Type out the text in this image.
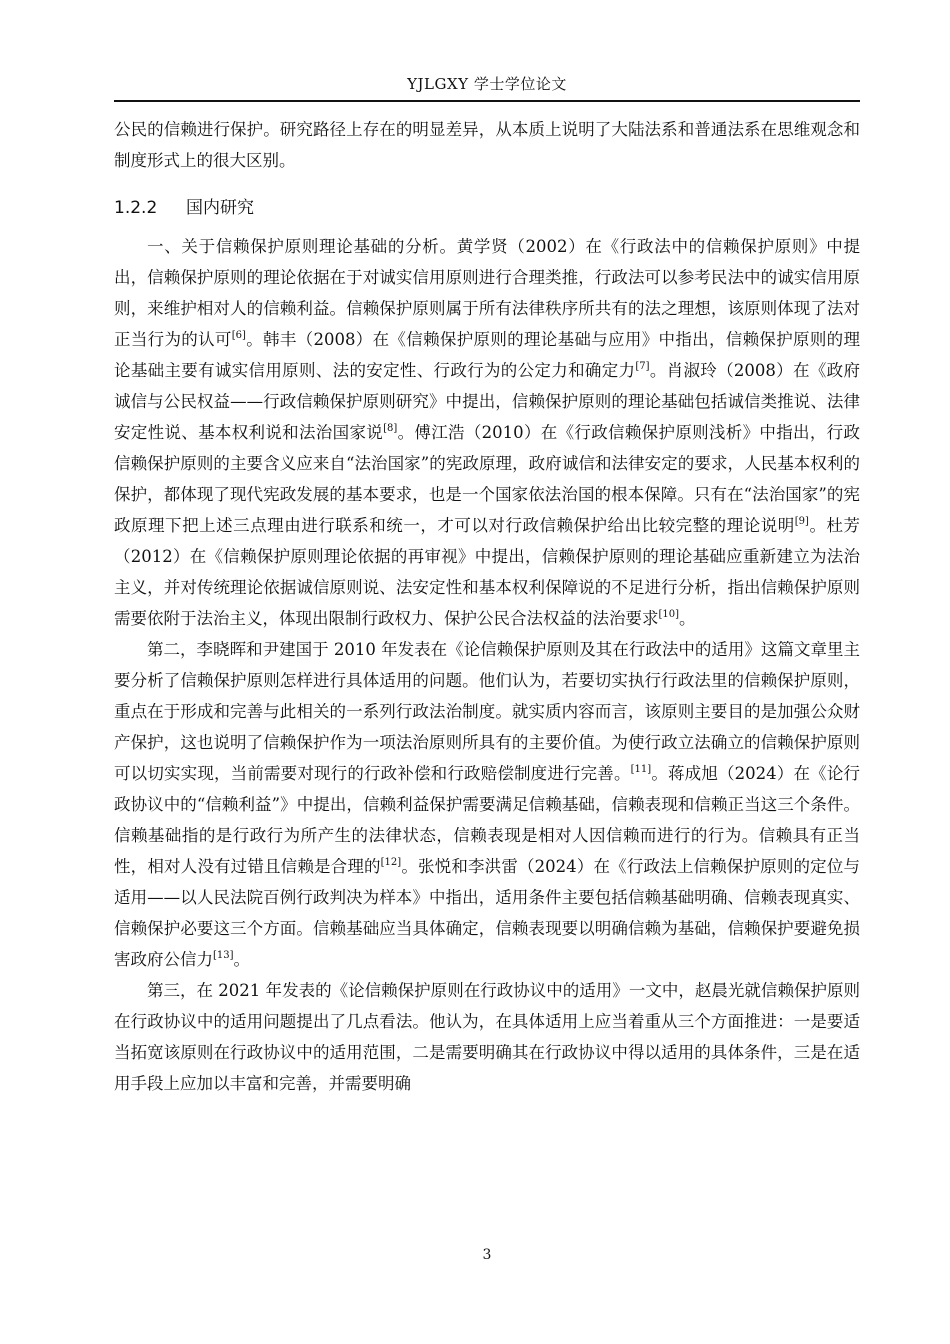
YJLGXY 学士学位论文

公民的信赖进行保护。研究路径上存在的明显差异，从本质上说明了大陆法系和普通法系在思维观念和制度形式上的很大区别。

1.2.2 国内研究

一、关于信赖保护原则理论基础的分析。黄学贤（2002）在《行政法中的信赖保护原则》中提出，信赖保护原则的理论依据在于对诚实信用原则进行合理类推，行政法可以参考民法中的诚实信用原则，来维护相对人的信赖利益。信赖保护原则属于所有法律秩序所共有的法之理想，该原则体现了法对正当行为的认可[6]。韩丰（2008）在《信赖保护原则的理论基础与应用》中指出，信赖保护原则的理论基础主要有诚实信用原则、法的安定性、行政行为的公定力和确定力[7]。肖淑玲（2008）在《政府诚信与公民权益——行政信赖保护原则研究》中提出，信赖保护原则的理论基础包括诚信类推说、法律安定性说、基本权利说和法治国家说[8]。傅江浩（2010）在《行政信赖保护原则浅析》中指出，行政信赖保护原则的主要含义应来自“法治国家”的宪政原理，政府诚信和法律安定的要求，人民基本权利的保护，都体现了现代宪政发展的基本要求，也是一个国家依法治国的根本保障。只有在“法治国家”的宪政原理下把上述三点理由进行联系和统一，才可以对行政信赖保护给出比较完整的理论说明[9]。杜芳（2012）在《信赖保护原则理论依据的再审视》中提出，信赖保护原则的理论基础应重新建立为法治主义，并对传统理论依据诚信原则说、法安定性和基本权利保障说的不足进行分析，指出信赖保护原则需要依附于法治主义，体现出限制行政权力、保护公民合法权益的法治要求[10]。

第二，李晓晖和尹建国于 2010 年发表在《论信赖保护原则及其在行政法中的适用》这篇文章里主要分析了信赖保护原则怎样进行具体适用的问题。他们认为，若要切实执行行政法里的信赖保护原则，重点在于形成和完善与此相关的一系列行政法治制度。就实质内容而言，该原则主要目的是加强公众财产保护，这也说明了信赖保护作为一项法治原则所具有的主要价值。为使行政立法确立的信赖保护原则可以切实实现，当前需要对现行的行政补偿和行政赔偿制度进行完善。[11]。蒋成旭（2024）在《论行政协议中的“信赖利益”》中提出，信赖利益保护需要满足信赖基础，信赖表现和信赖正当这三个条件。信赖基础指的是行政行为所产生的法律状态，信赖表现是相对人因信赖而进行的行为。信赖具有正当性，相对人没有过错且信赖是合理的[12]。张悦和李洪雷（2024）在《行政法上信赖保护原则的定位与适用——以人民法院百例行政判决为样本》中指出，适用条件主要包括信赖基础明确、信赖表现真实、信赖保护必要这三个方面。信赖基础应当具体确定，信赖表现要以明确信赖为基础，信赖保护要避免损害政府公信力[13]。

第三，在 2021 年发表的《论信赖保护原则在行政协议中的适用》一文中，赵晨光就信赖保护原则在行政协议中的适用问题提出了几点看法。他认为，在具体适用上应当着重从三个方面推进：一是要适当拓宽该原则在行政协议中的适用范围，二是需要明确其在行政协议中得以适用的具体条件，三是在适用手段上应加以丰富和完善，并需要明确

3
